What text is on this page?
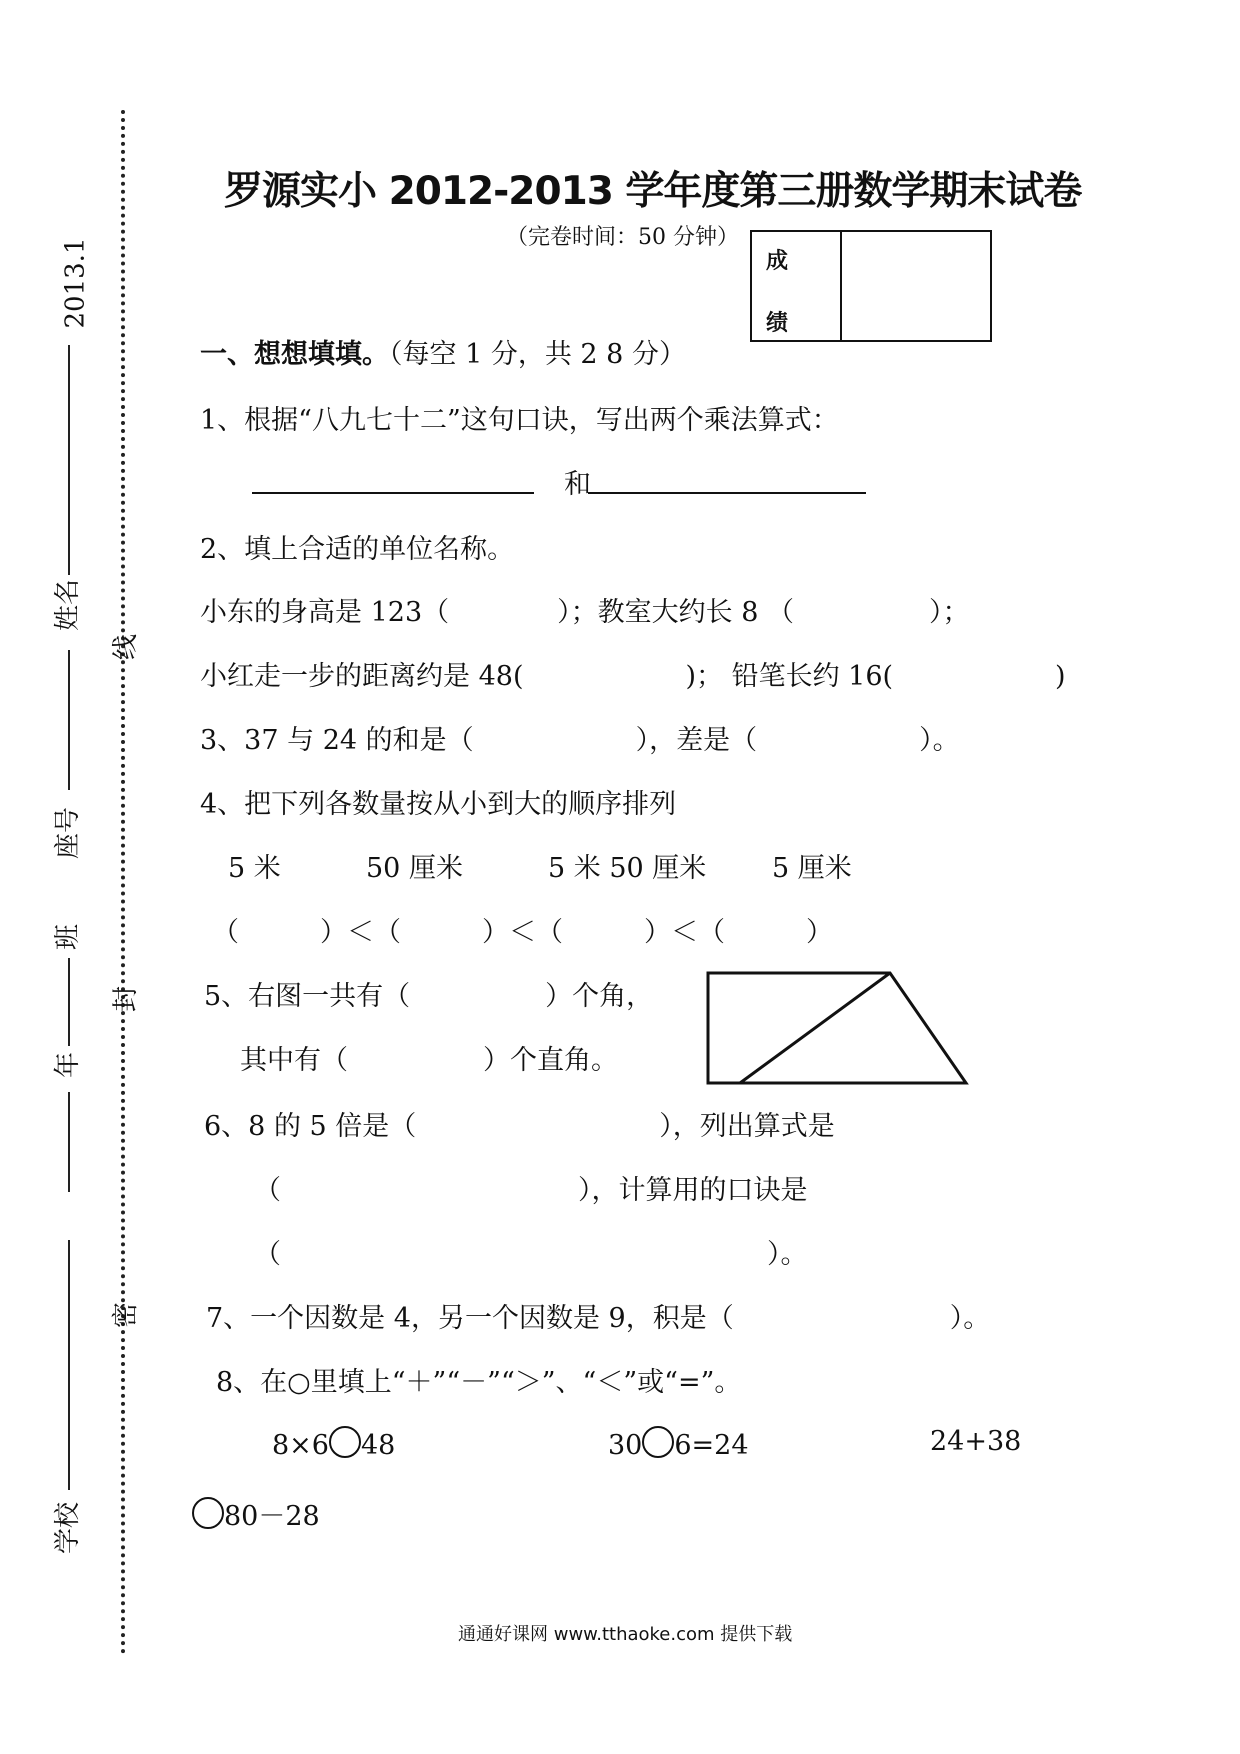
2013.1
姓名
座号
班
年
学校
线
封
密
罗源实小 2012-2013 学年度第三册数学期末试卷
（完卷时间：50 分钟）
成
绩
一、想想填填。（每空 1 分，共 2 8 分）
1、根据“八九七十二”这句口诀，写出两个乘法算式：
和
2、填上合适的单位名称。
小东的身高是 123（　　　　）；教室大约长 8 （　　　　　）；
小红走一步的距离约是 48(　　　　　　)； 铅笔长约 16(　　　　　　)
3、37 与 24 的和是（　　　　　　），差是（　　　　　　）。
4、把下列各数量按从小到大的顺序排列
5 米	50 厘米	5 米 50 厘米 5 厘米
（　　　）＜（　　　）＜（　　　）＜（　　　）
5、右图一共有（　　　　　）个角，
其中有（　　　　　）个直角。
6、8 的 5 倍是（　　　　　　　　　），列出算式是
（　　　　　　　　　　　），计算用的口诀是
（　　　　　　　　　　　　　　　　　　）。
7、一个因数是 4，另一个因数是 9，积是（　　　　　　　　）。
8、在○里填上“＋”“－”“＞”、“＜”或“=”。
8×6 48	30 6=24	24+38
80－28
通通好课网 www.tthaoke.com 提供下载
